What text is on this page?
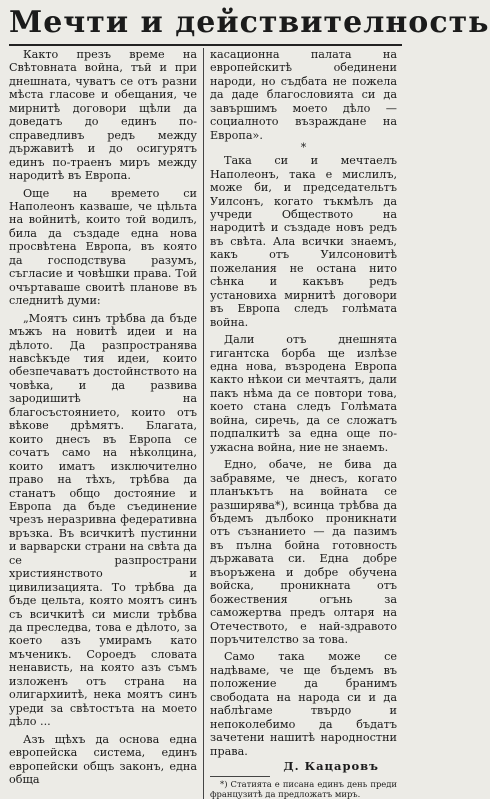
Мечти и действителность

Както презъ време на Свѣтовната война, тъй и при днешната, чуватъ се отъ разни мѣста гласове и обещания, че мирнитѣ договори щѣли да доведатъ до единъ по-справедливъ редъ между държавитѣ и до осигурятъ единъ по-траенъ миръ между народитѣ въ Европа.

Още на времето си Наполеонъ казваше, че цѣльта на войнитѣ, които той водилъ, била да създаде една нова просвѣтена Европа, въ която да господствува разумъ, съгласие и човѣшки права. Той очъртаваше своитѣ планове въ следнитѣ думи:

„Моятъ синъ трѣбва да бъде мъжъ на новитѣ идеи и на дѣлото. Да разпространява навсѣкъде тия идеи, които обезпечаватъ достойнството на човѣка, и да развива зародишитѣ на благосъстоянието, които отъ вѣкове дрѣмятъ. Благата, които днесъ въ Европа се сочатъ само на нѣколцина, които иматъ изключително право на тѣхъ, трѣбва да станатъ общо достояние и Европа да бъде съединение чрезъ неразривна федеративна връзка. Въ всичкитѣ пустинни и варварски страни на свѣта да се разпространи християнството и цивилизацията. То трѣбва да бъде цельта, която моятъ синъ съ всичкитѣ си мисли трѣбва да преследва, това е дѣлото, за което азъ умирамъ като мъченикъ. Сороедъ словата ненависть, на която азъ съмъ изложенъ отъ страна на олигархиитѣ, нека моятъ синъ уреди за свѣтостъта на моето дѣло ...

Азъ щѣхъ да основа една европейска система, единъ европейски общъ законъ, една обща

касационна палата на европейскитѣ обединени народи, но съдбата не пожела да даде благословията си да завършимъ моето дѣло — социалното възраждане на Европа».

*

Така си и мечтаелъ Наполеонъ, така е мислилъ, може би, и председательтъ Уилсонъ, когато тъкмѣлъ да учреди Обществото на народитѣ и създаде новъ редъ въ свѣта. Ала всички знаемъ, какъ отъ Уилсоновитѣ пожелания не остана нито сѣнка и какъвъ редъ установиха мирнитѣ договори въ Европа следъ голѣмата война.

Дали отъ днешнята гигантска борба ще излѣзе една нова, възродена Европа както нѣкои си мечтаятъ, дали пакъ нѣма да се повтори това, което стана следъ Голѣмата война, сиречь, да се сложатъ подпалкитѣ за една още по-ужасна война, ние не знаемъ.

Едно, обаче, не бива да забравяме, че днесъ, когато планъкътъ на войната се разширява*), всинца трѣбва да бъдемъ дълбоко проникнати отъ съзнанието — да пазимъ въ пълна бойна готовность държавата си. Една добре въоръжена и добре обучена войска, проникната отъ божествения огънь за саможертва предъ олтаря на Отечеството, е най-здравото поръчителство за това.

Само така може се надѣваме, че ще бъдемъ въ положение да бранимъ свободата на народа си и да наблѣгаме твърдо и непоколебимо да бъдатъ зачетени нашитѣ народностни права.

Д. Кацаровъ

*) Статията е писана единъ день преди французитѣ да предложатъ миръ.
